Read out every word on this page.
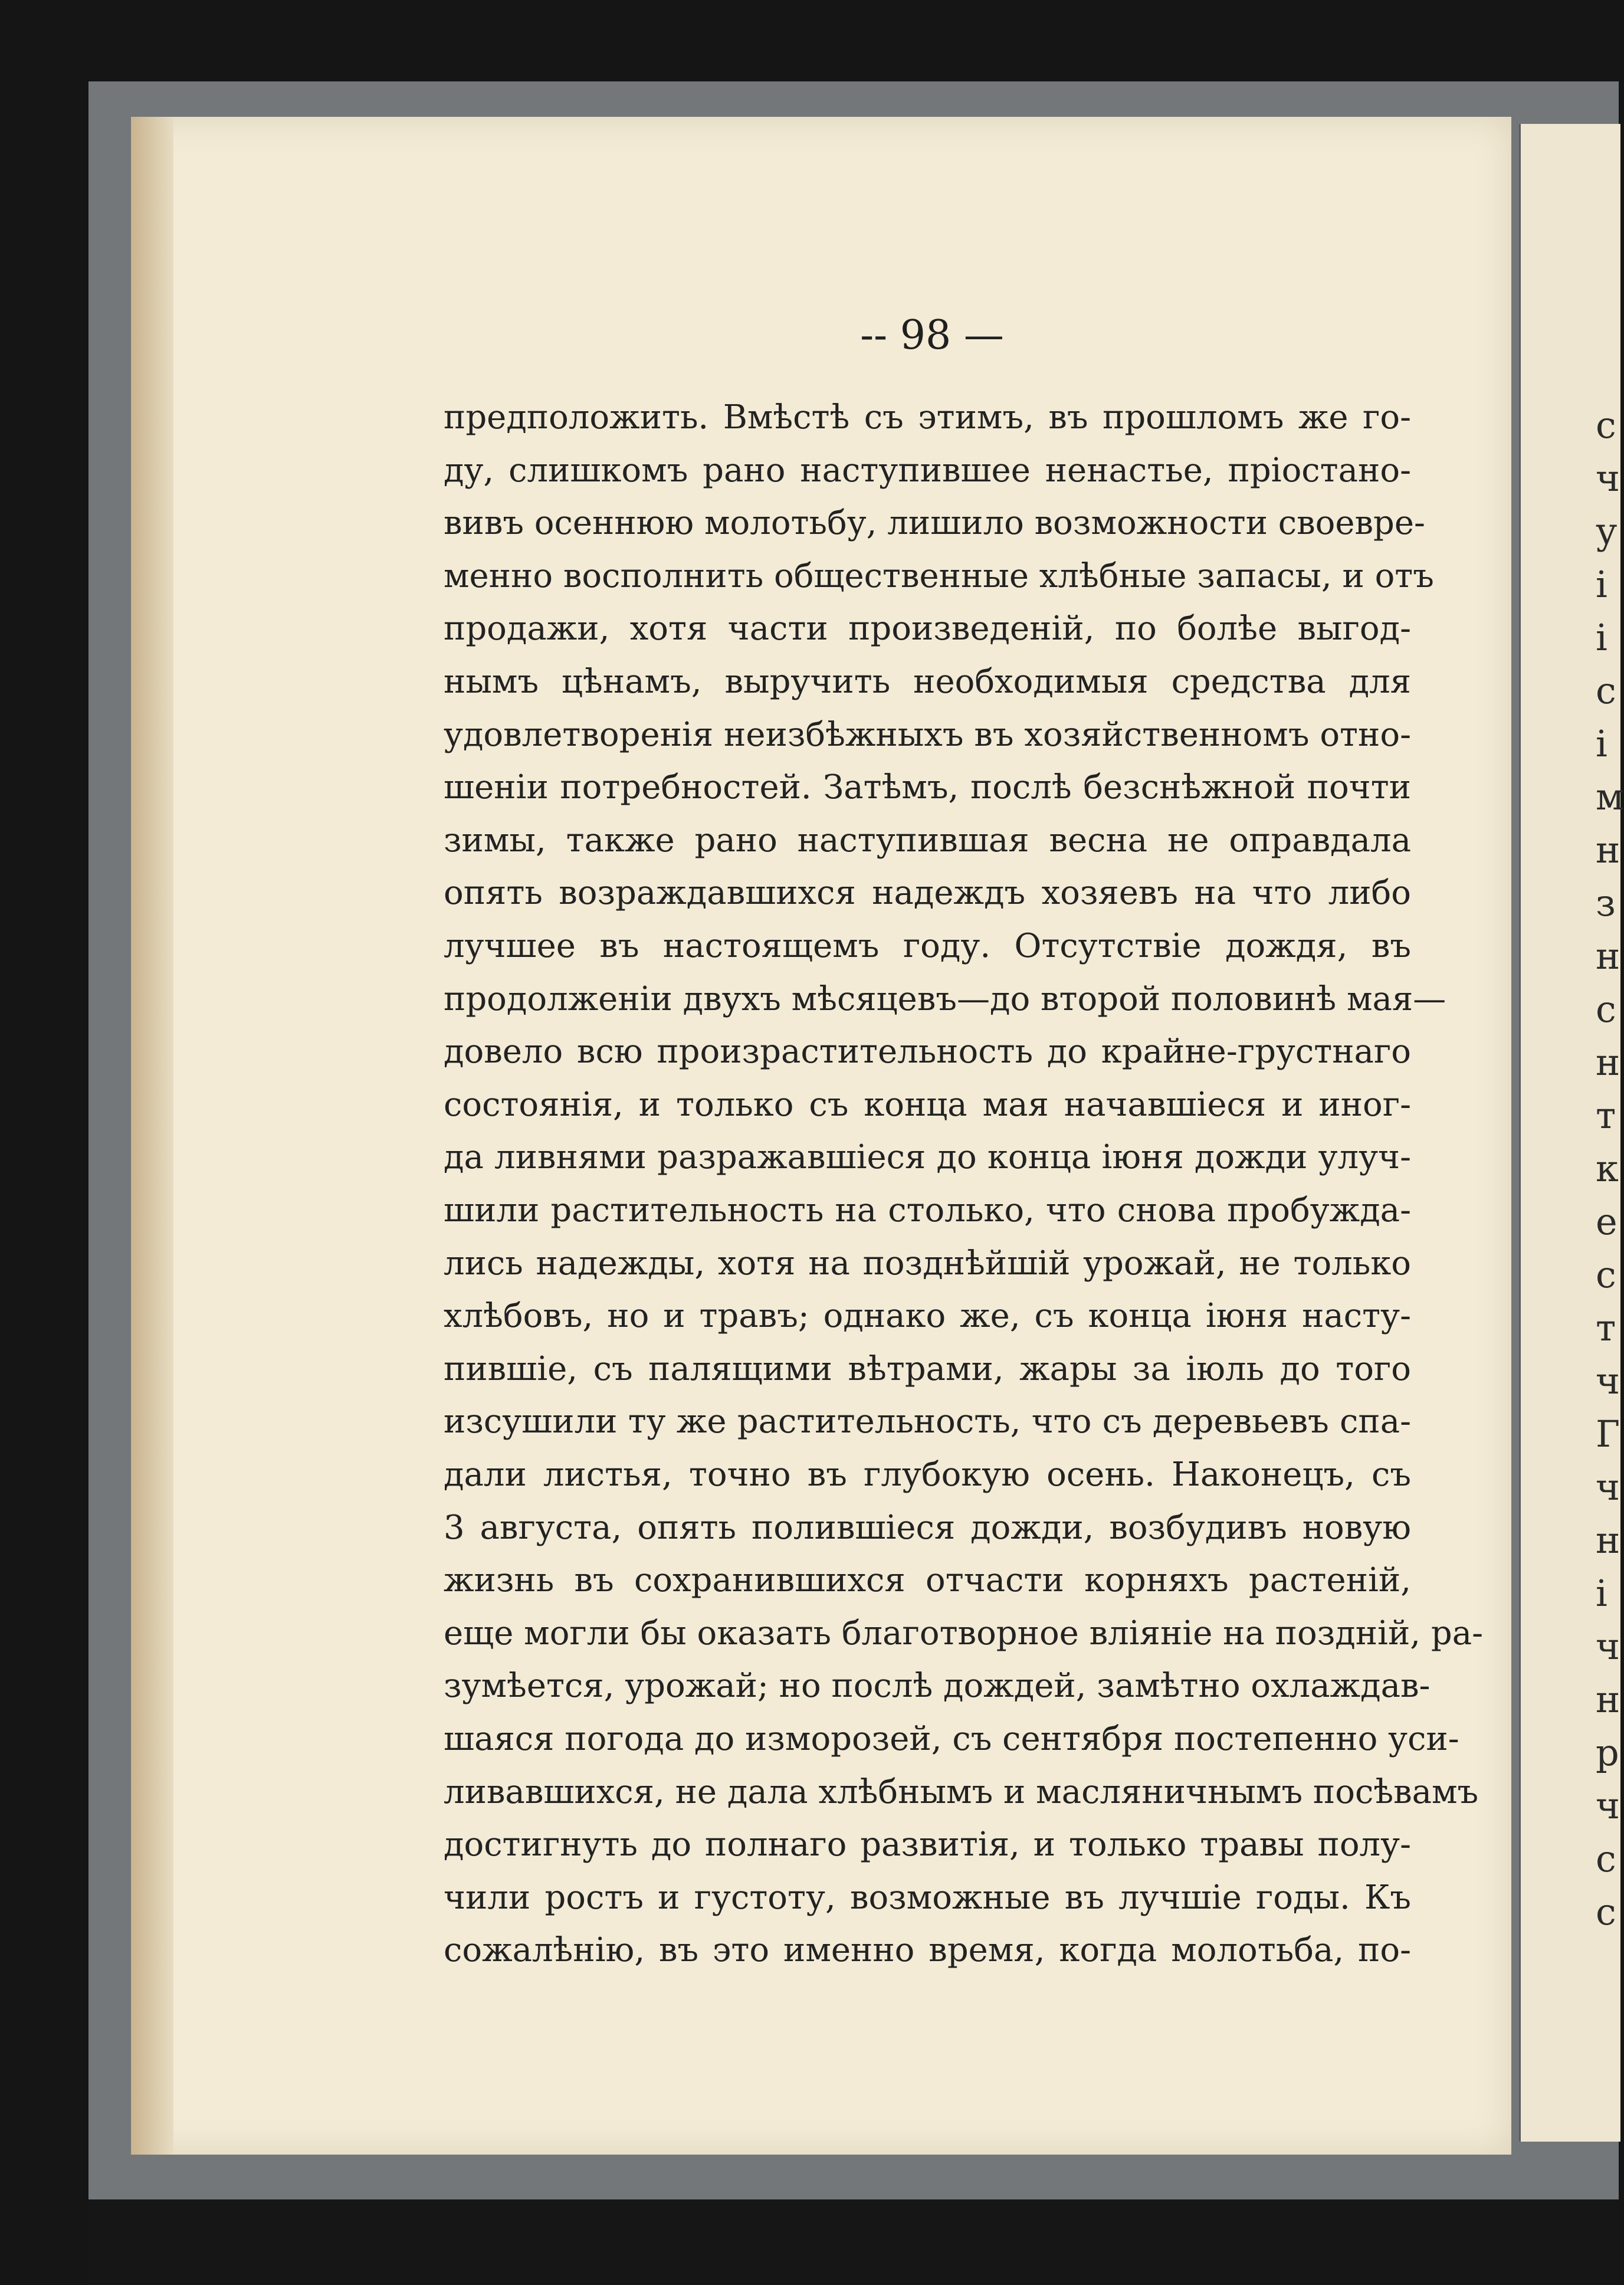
с
ч
у
і
і
с
і
м
н
з
н
с
н
т
к
е
с
т
ч
Г
ч
н
і
ч
н
р
ч
с
с
-- 98 —
предположить. Вмѣстѣ съ этимъ, въ прошломъ же го-
ду, слишкомъ рано наступившее ненастье, пріостано-
вивъ осеннюю молотьбу, лишило возможности своевре-
менно восполнить общественные хлѣбные запасы, и отъ
продажи, хотя части произведеній, по болѣе выгод-
нымъ цѣнамъ, выручить необходимыя средства для
удовлетворенія неизбѣжныхъ въ хозяйственномъ отно-
шеніи потребностей. Затѣмъ, послѣ безснѣжной почти
зимы, также рано наступившая весна не оправдала
опять возраждавшихся надеждъ хозяевъ на что либо
лучшее въ настоящемъ году. Отсутствіе дождя, въ
продолженіи двухъ мѣсяцевъ—до второй половинѣ мая—
довело всю произрастительность до крайне-грустнаго
состоянія, и только съ конца мая начавшіеся и иног-
да ливнями разражавшіеся до конца іюня дожди улуч-
шили растительность на столько, что снова пробужда-
лись надежды, хотя на позднѣйшій урожай, не только
хлѣбовъ, но и травъ; однако же, съ конца іюня насту-
пившіе, съ палящими вѣтрами, жары за іюль до того
изсушили ту же растительность, что съ деревьевъ спа-
дали листья, точно въ глубокую осень. Наконецъ, съ
3 августа, опять полившіеся дожди, возбудивъ новую
жизнь въ сохранившихся отчасти корняхъ растеній,
еще могли бы оказать благотворное вліяніе на поздній, ра-
зумѣется, урожай; но послѣ дождей, замѣтно охлаждав-
шаяся погода до изморозей, съ сентября постепенно уси-
ливавшихся, не дала хлѣбнымъ и масляничнымъ посѣвамъ
достигнуть до полнаго развитія, и только травы полу-
чили ростъ и густоту, возможные въ лучшіе годы. Къ
сожалѣнію, въ это именно время, когда молотьба, по-
